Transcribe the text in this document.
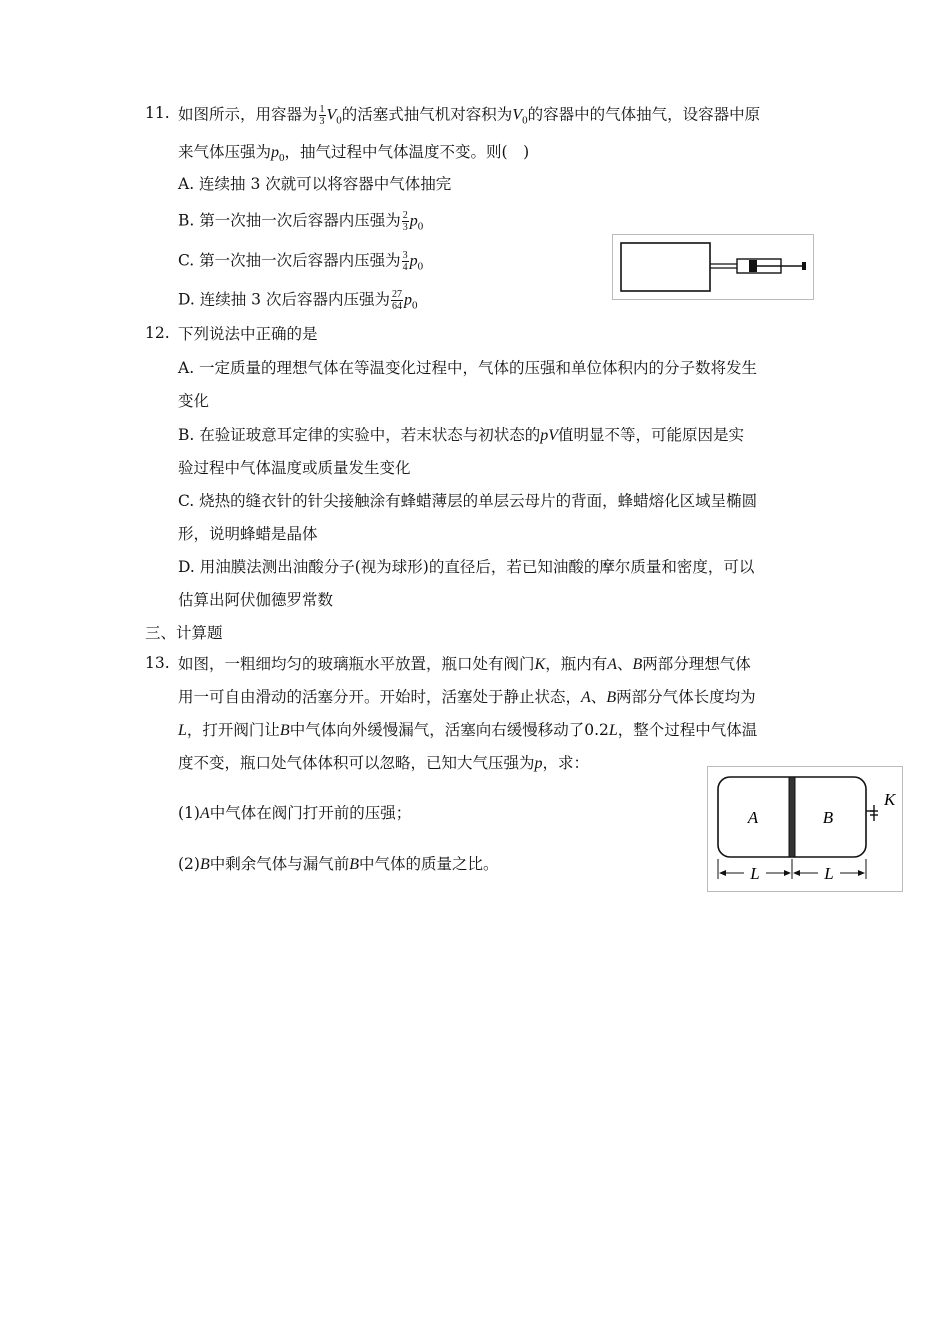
11. 如图所示，用容器为 $\frac{1}{3} V_0$的活塞式抽气机对容积为$V_0$的容器中的气体抽气，设容器中原
来气体压强为$p_0$，抽气过程中气体温度不变。则(　)
A. 连续抽 3 次就可以将容器中气体抽完
B. 第一次抽一次后容器内压强为 $\frac{2}{3} p_0$
C. 第一次抽一次后容器内压强为 $\frac{3}{4} p_0$
D. 连续抽 3 次后容器内压强为 $\frac{27}{64} p_0$
12. 下列说法中正确的是
A. 一定质量的理想气体在等温变化过程中，气体的压强和单位体积内的分子数将发生
变化
B. 在验证玻意耳定律的实验中，若末状态与初状态的pV值明显不等，可能原因是实
验过程中气体温度或质量发生变化
C. 烧热的缝衣针的针尖接触涂有蜂蜡薄层的单层云母片的背面，蜂蜡熔化区域呈椭圆
形，说明蜂蜡是晶体
D. 用油膜法测出油酸分子(视为球形)的直径后，若已知油酸的摩尔质量和密度，可以
估算出阿伏伽德罗常数
三、计算题
13. 如图，一粗细均匀的玻璃瓶水平放置，瓶口处有阀门K，瓶内有A、B两部分理想气体
用一可自由滑动的活塞分开。开始时，活塞处于静止状态，A、B两部分气体长度均为
L，打开阀门让B中气体向外缓慢漏气，活塞向右缓慢移动了0.2L，整个过程中气体温
度不变，瓶口处气体体积可以忽略，已知大气压强为p，求：
(1)A中气体在阀门打开前的压强；
(2)B中剩余气体与漏气前B中气体的质量之比。
A	B
K
L	L
